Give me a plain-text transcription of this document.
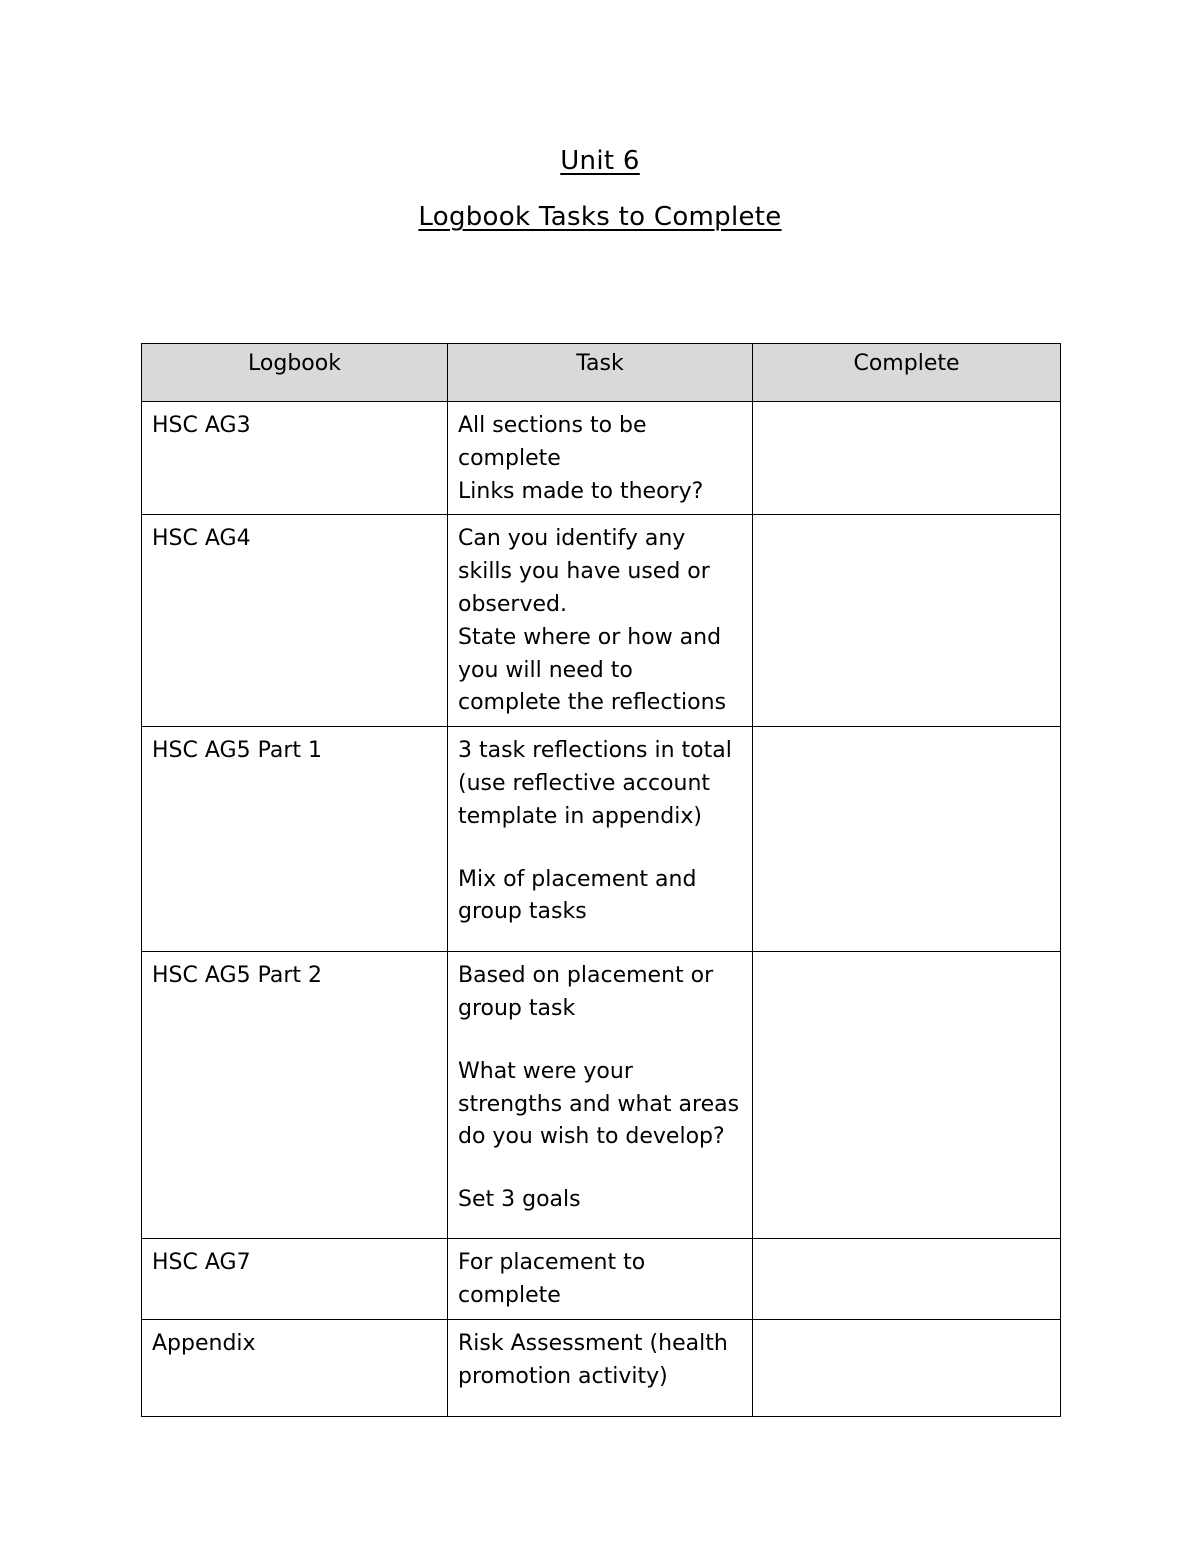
Unit 6
Logbook Tasks to Complete
Logbook	Task	Complete
HSC AG3	All sections to be complete
Links made to theory?	

HSC AG4	Can you identify any skills you have used or observed.
State where or how and you will need to complete the reflections	

HSC AG5 Part 1	3 task reflections in total (use reflective account template in appendix)

Mix of placement and group tasks	

HSC AG5 Part 2	Based on placement or group task

What were your strengths and what areas do you wish to develop?

Set 3 goals	

HSC AG7	For placement to complete	

Appendix	Risk Assessment (health promotion activity)	
